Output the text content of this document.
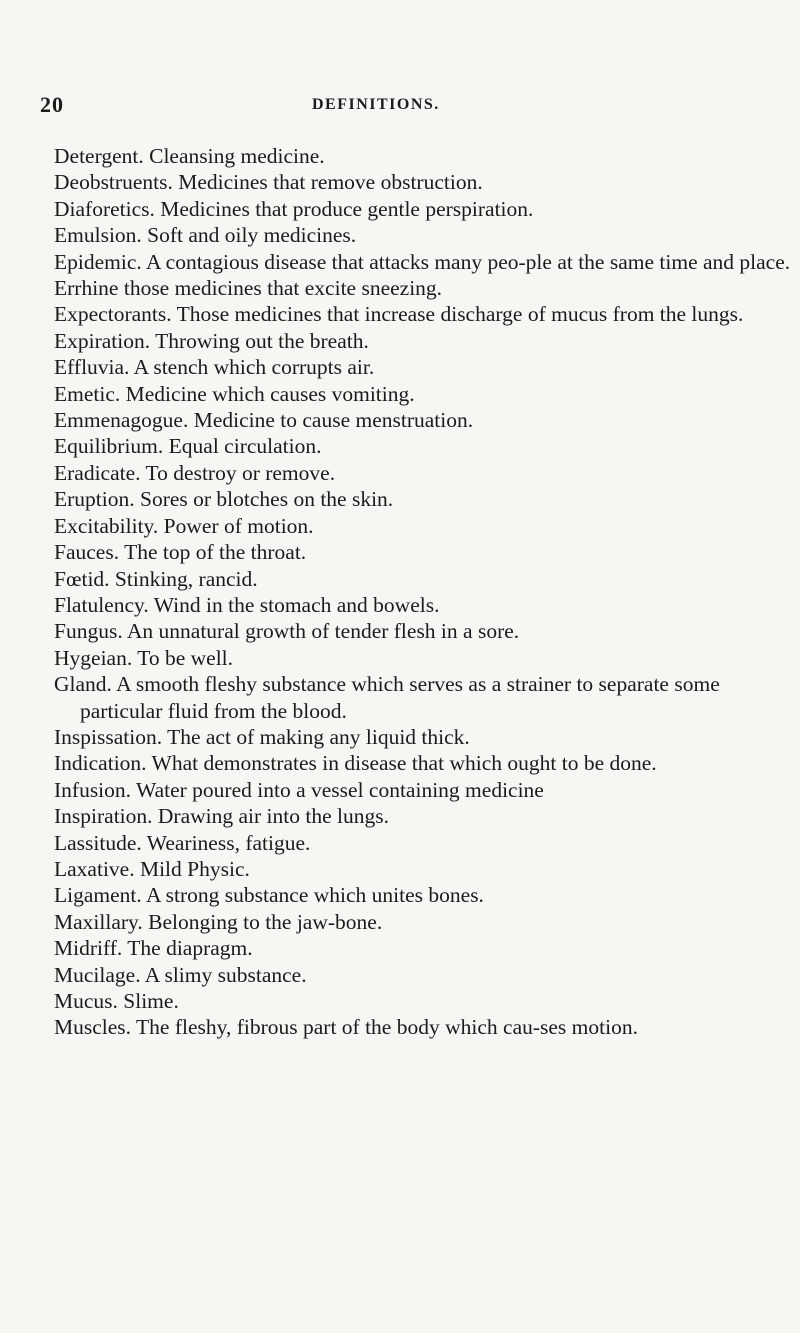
20	DEFINITIONS.

Detergent. Cleansing medicine.

Deobstruents. Medicines that remove obstruction.

Diaforetics. Medicines that produce gentle perspiration.

Emulsion. Soft and oily medicines.

Epidemic. A contagious disease that attacks many peo-ple at the same time and place.

Errhine those medicines that excite sneezing.

Expectorants. Those medicines that increase discharge of mucus from the lungs.

Expiration. Throwing out the breath.

Effluvia. A stench which corrupts air.

Emetic. Medicine which causes vomiting.

Emmenagogue. Medicine to cause menstruation.

Equilibrium. Equal circulation.

Eradicate. To destroy or remove.

Eruption. Sores or blotches on the skin.

Excitability. Power of motion.

Fauces. The top of the throat.

Fœtid. Stinking, rancid.

Flatulency. Wind in the stomach and bowels.

Fungus. An unnatural growth of tender flesh in a sore.

Hygeian. To be well.

Gland. A smooth fleshy substance which serves as a strainer to separate some particular fluid from the blood.

Inspissation. The act of making any liquid thick.

Indication. What demonstrates in disease that which ought to be done.

Infusion. Water poured into a vessel containing medicine

Inspiration. Drawing air into the lungs.

Lassitude. Weariness, fatigue.

Laxative. Mild Physic.

Ligament. A strong substance which unites bones.

Maxillary. Belonging to the jaw-bone.

Midriff. The diapragm.

Mucilage. A slimy substance.

Mucus. Slime.

Muscles. The fleshy, fibrous part of the body which cau-ses motion.
